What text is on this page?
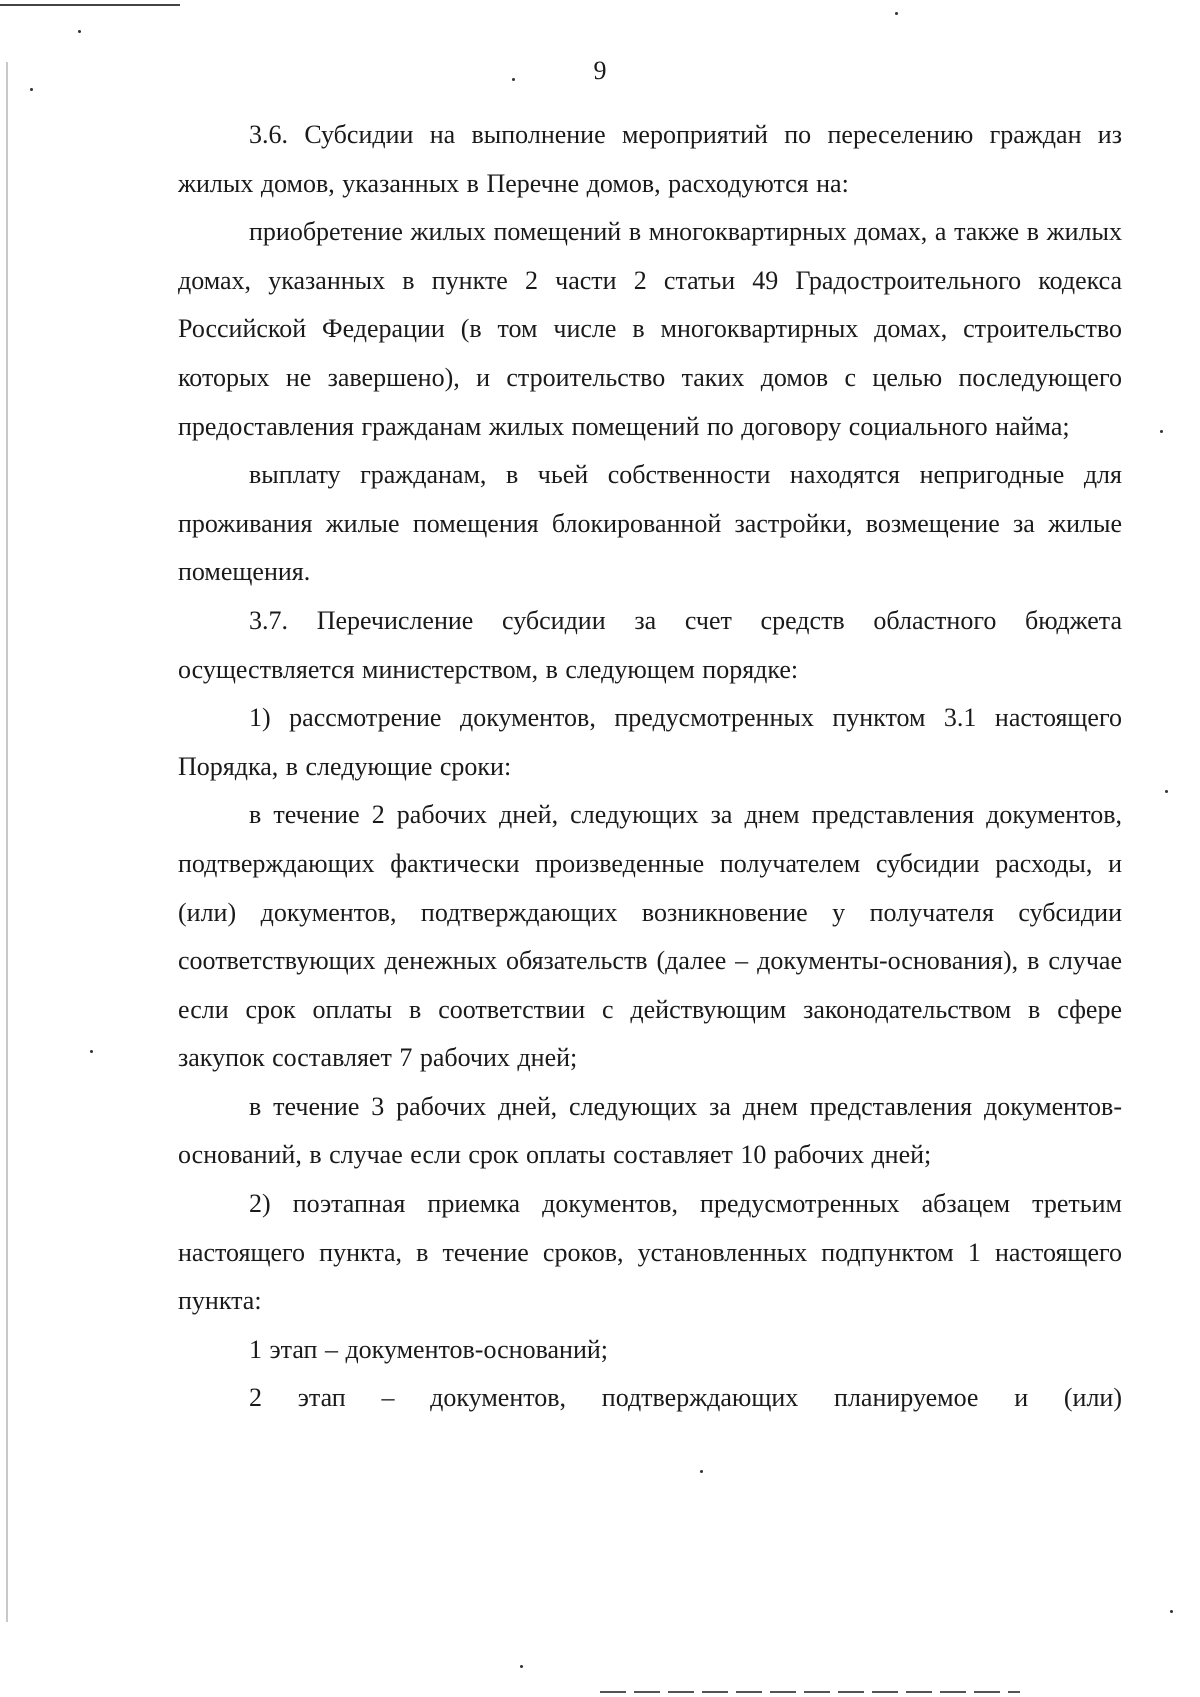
9

3.6. Субсидии на выполнение мероприятий по переселению граждан из жилых домов, указанных в Перечне домов, расходуются на:

приобретение жилых помещений в многоквартирных домах, а также в жилых домах, указанных в пункте 2 части 2 статьи 49 Градостроительного кодекса Российской Федерации (в том числе в многоквартирных домах, строительство которых не завершено), и строительство таких домов с целью последующего предоставления гражданам жилых помещений по договору социального найма;

выплату гражданам, в чьей собственности находятся непригодные для проживания жилые помещения блокированной застройки, возмещение за жилые помещения.

3.7. Перечисление субсидии за счет средств областного бюджета осуществляется министерством, в следующем порядке:

1) рассмотрение документов, предусмотренных пунктом 3.1 настоящего Порядка, в следующие сроки:

в течение 2 рабочих дней, следующих за днем представления документов, подтверждающих фактически произведенные получателем субсидии расходы, и (или) документов, подтверждающих возникновение у получателя субсидии соответствующих денежных обязательств (далее – документы-основания), в случае если срок оплаты в соответствии с действующим законодательством в сфере закупок составляет 7 рабочих дней;

в течение 3 рабочих дней, следующих за днем представления документов-оснований, в случае если срок оплаты составляет 10 рабочих дней;

2) поэтапная приемка документов, предусмотренных абзацем третьим настоящего пункта, в течение сроков, установленных подпунктом 1 настоящего пункта:

1 этап – документов-оснований;

2 этап – документов, подтверждающих планируемое и (или)
